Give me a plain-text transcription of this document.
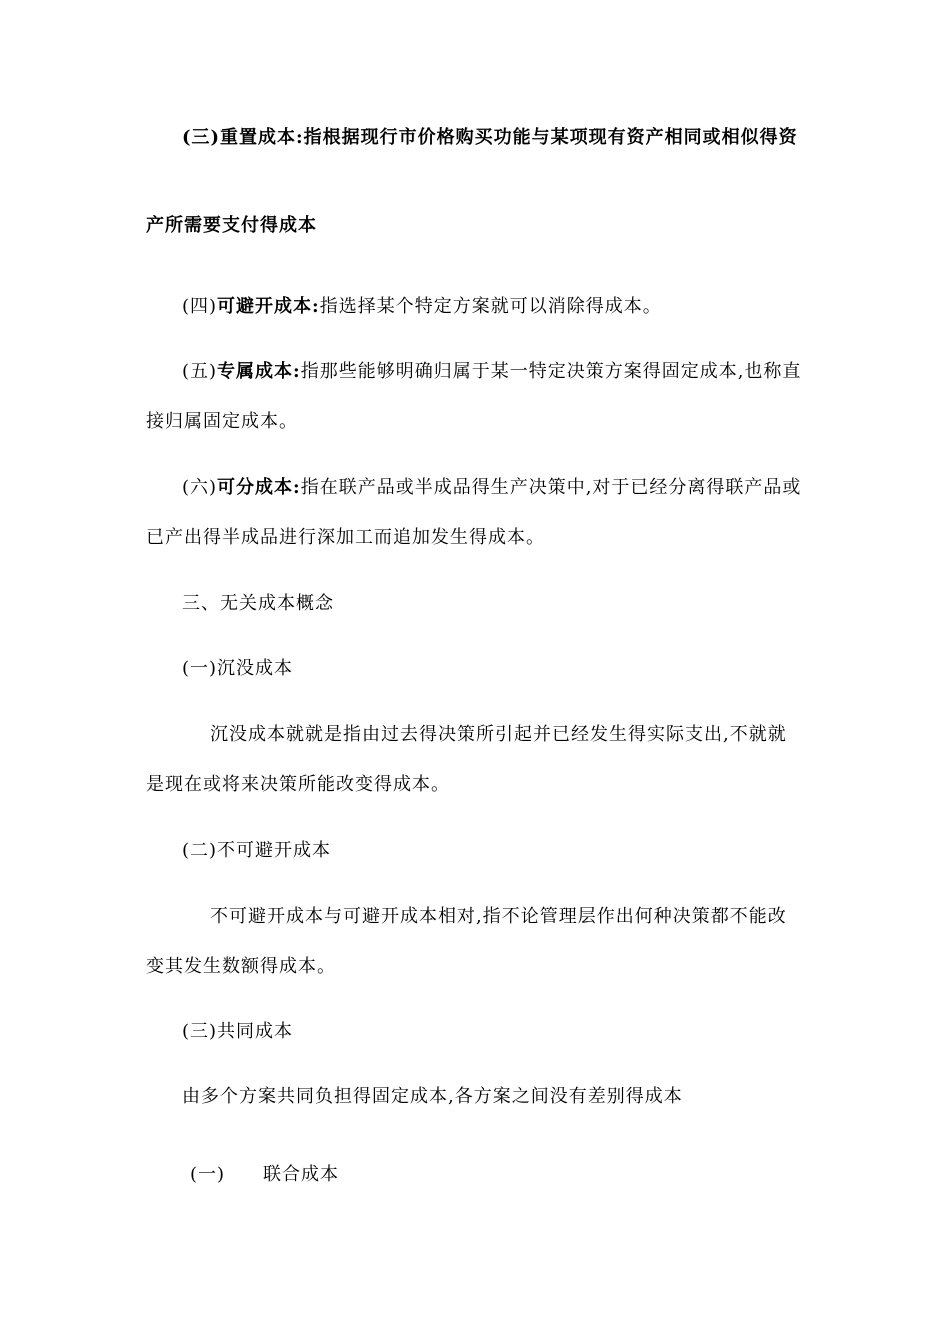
(三)重置成本:指根据现行市价格购买功能与某项现有资产相同或相似得资
产所需要支付得成本
(四)可避开成本:指选择某个特定方案就可以消除得成本。
(五)专属成本:指那些能够明确归属于某一特定决策方案得固定成本,也称直
接归属固定成本。
(六)可分成本:指在联产品或半成品得生产决策中,对于已经分离得联产品或
已产出得半成品进行深加工而追加发生得成本。
三、无关成本概念
(一)沉没成本
沉没成本就就是指由过去得决策所引起并已经发生得实际支出,不就就
是现在或将来决策所能改变得成本。
(二)不可避开成本
不可避开成本与可避开成本相对,指不论管理层作出何种决策都不能改
变其发生数额得成本。
(三)共同成本
由多个方案共同负担得固定成本,各方案之间没有差别得成本
(一) 联合成本
